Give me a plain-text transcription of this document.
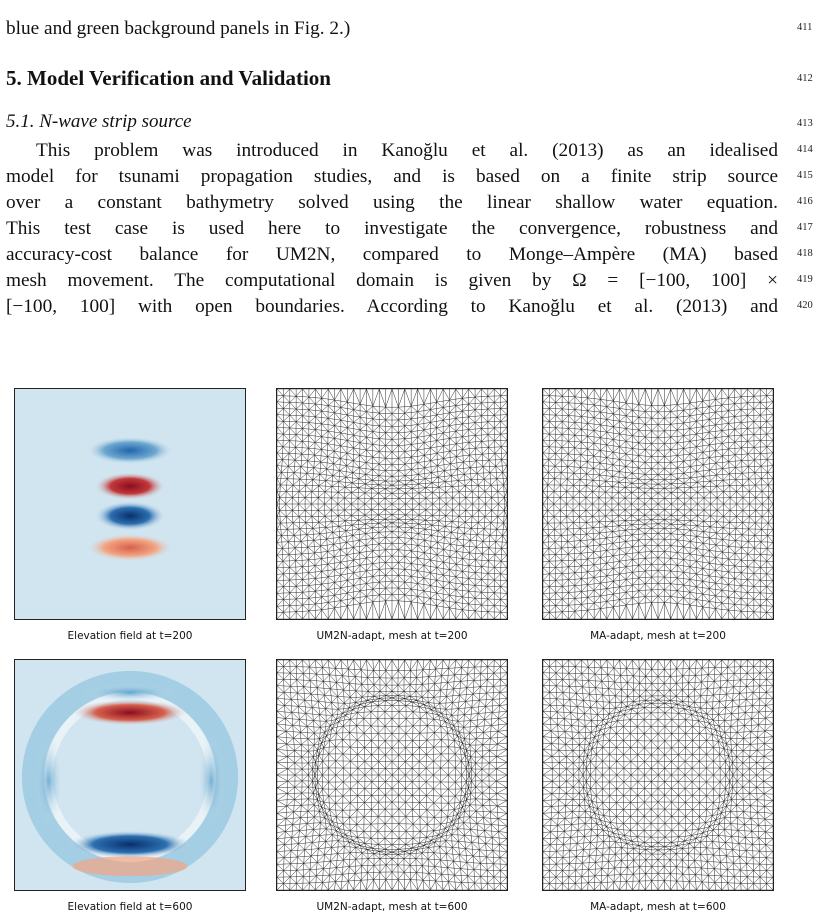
blue and green background panels in Fig. 2.)	411
5. Model Verification and Validation	412
5.1. N-wave strip source	413
This problem was introduced in Kanoğlu et al. (2013) as an idealised 414
model for tsunami propagation studies, and is based on a finite strip source 415
over a constant bathymetry solved using the linear shallow water equation. 416
This test case is used here to investigate the convergence, robustness and 417
accuracy-cost balance for UM2N, compared to Monge–Ampère (MA) based 418
mesh movement. The computational domain is given by Ω = [−100, 100] × 419
[−100, 100] with open boundaries. According to Kanoğlu et al. (2013) and 420
Elevation field at t=200	UM2N-adapt, mesh at t=200	MA-adapt, mesh at t=200
Elevation field at t=600	UM2N-adapt, mesh at t=600	MA-adapt, mesh at t=600
